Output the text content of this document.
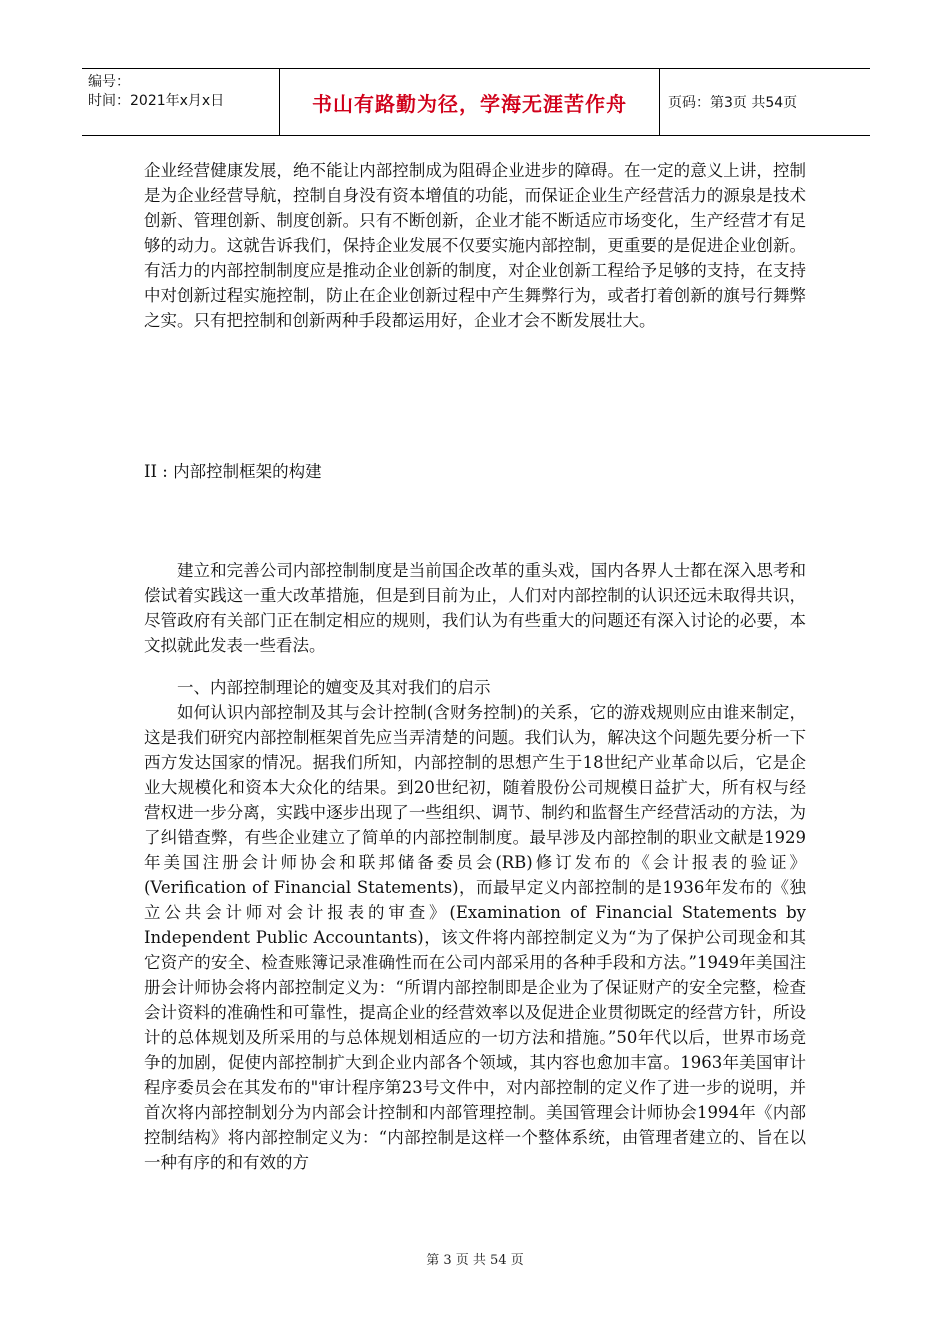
编号：
时间：2021年x月x日	书山有路勤为径，学海无涯苦作舟	页码：第3页 共54页

企业经营健康发展，绝不能让内部控制成为阻碍企业进步的障碍。在一定的意义上讲，控制是为企业经营导航，控制自身没有资本增值的功能，而保证企业生产经营活力的源泉是技术创新、管理创新、制度创新。只有不断创新，企业才能不断适应市场变化，生产经营才有足够的动力。这就告诉我们，保持企业发展不仅要实施内部控制，更重要的是促进企业创新。有活力的内部控制制度应是推动企业创新的制度，对企业创新工程给予足够的支持，在支持中对创新过程实施控制，防止在企业创新过程中产生舞弊行为，或者打着创新的旗号行舞弊之实。只有把控制和创新两种手段都运用好，企业才会不断发展壮大。

II : 内部控制框架的构建

建立和完善公司内部控制制度是当前国企改革的重头戏，国内各界人士都在深入思考和偿试着实践这一重大改革措施，但是到目前为止，人们对内部控制的认识还远未取得共识，尽管政府有关部门正在制定相应的规则，我们认为有些重大的问题还有深入讨论的必要，本文拟就此发表一些看法。

一、内部控制理论的嬗变及其对我们的启示

如何认识内部控制及其与会计控制(含财务控制)的关系，它的游戏规则应由谁来制定，这是我们研究内部控制框架首先应当弄清楚的问题。我们认为，解决这个问题先要分析一下西方发达国家的情况。据我们所知，内部控制的思想产生于18世纪产业革命以后，它是企业大规模化和资本大众化的结果。到20世纪初，随着股份公司规模日益扩大，所有权与经营权进一步分离，实践中逐步出现了一些组织、调节、制约和监督生产经营活动的方法，为了纠错查弊，有些企业建立了简单的内部控制制度。最早涉及内部控制的职业文献是1929年美国注册会计师协会和联邦储备委员会(RB)修订发布的《会计报表的验证》(Verification of Financial Statements)，而最早定义内部控制的是1936年发布的《独立公共会计师对会计报表的审查》(Examination of Financial Statements by Independent Public Accountants)，该文件将内部控制定义为“为了保护公司现金和其它资产的安全、检查账簿记录准确性而在公司内部采用的各种手段和方法。”1949年美国注册会计师协会将内部控制定义为：“所谓内部控制即是企业为了保证财产的安全完整，检查会计资料的准确性和可靠性，提高企业的经营效率以及促进企业贯彻既定的经营方针，所设计的总体规划及所采用的与总体规划相适应的一切方法和措施。”50年代以后，世界市场竞争的加剧，促使内部控制扩大到企业内部各个领域，其内容也愈加丰富。1963年美国审计程序委员会在其发布的"审计程序第23号文件中，对内部控制的定义作了进一步的说明，并首次将内部控制划分为内部会计控制和内部管理控制。美国管理会计师协会1994年《内部控制结构》将内部控制定义为：“内部控制是这样一个整体系统，由管理者建立的、旨在以一种有序的和有效的方

第 3 页 共 54 页
